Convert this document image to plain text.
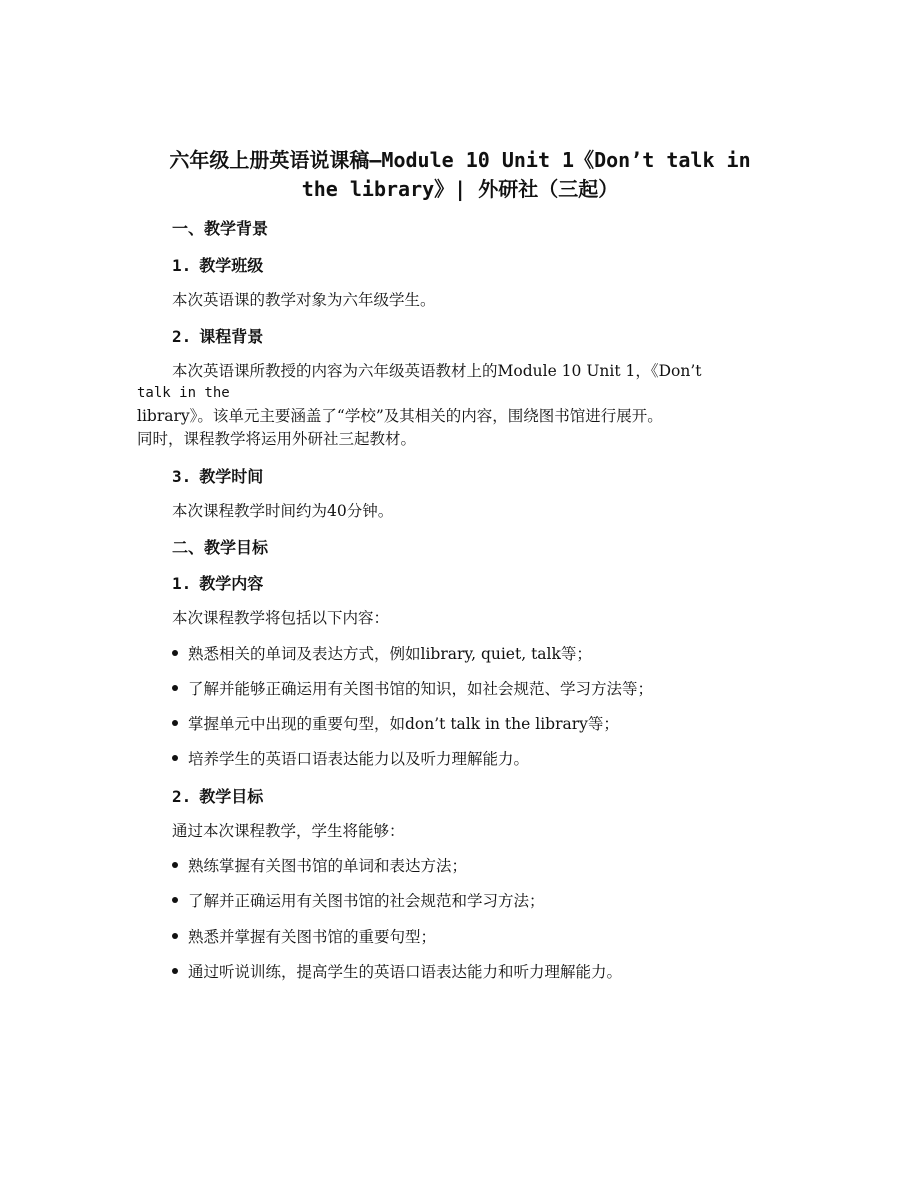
六年级上册英语说课稿—Module 10 Unit 1《Don’t talk in
the library》| 外研社（三起）
一、教学背景
1. 教学班级
本次英语课的教学对象为六年级学生。
2. 课程背景
本次英语课所教授的内容为六年级英语教材上的Module 10 Unit 1，《Don’t
talk in the
library》。该单元主要涵盖了“学校”及其相关的内容，围绕图书馆进行展开。
同时，课程教学将运用外研社三起教材。
3. 教学时间
本次课程教学时间约为40分钟。
二、教学目标
1. 教学内容
本次课程教学将包括以下内容：
熟悉相关的单词及表达方式，例如library, quiet, talk等；
了解并能够正确运用有关图书馆的知识，如社会规范、学习方法等；
掌握单元中出现的重要句型，如don’t talk in the library等；
培养学生的英语口语表达能力以及听力理解能力。
2. 教学目标
通过本次课程教学，学生将能够：
熟练掌握有关图书馆的单词和表达方法；
了解并正确运用有关图书馆的社会规范和学习方法；
熟悉并掌握有关图书馆的重要句型；
通过听说训练，提高学生的英语口语表达能力和听力理解能力。
